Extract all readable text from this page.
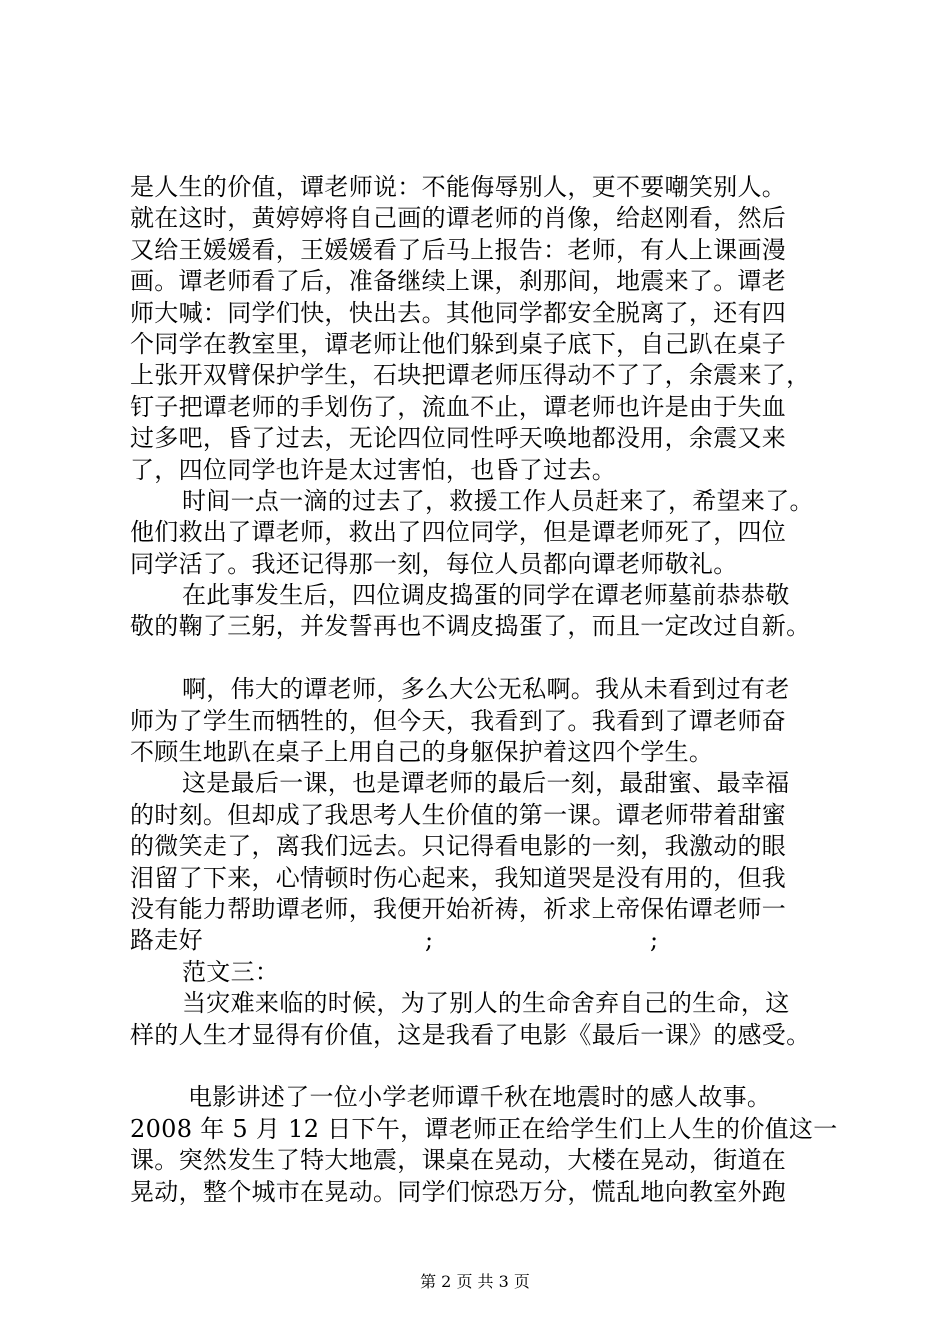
是人生的价值，谭老师说：不能侮辱别人，更不要嘲笑别人。
就在这时，黄婷婷将自己画的谭老师的肖像，给赵刚看，然后
又给王媛媛看，王媛媛看了后马上报告：老师，有人上课画漫
画。谭老师看了后，准备继续上课，刹那间，地震来了。谭老
师大喊：同学们快，快出去。其他同学都安全脱离了，还有四
个同学在教室里，谭老师让他们躲到桌子底下，自己趴在桌子
上张开双臂保护学生，石块把谭老师压得动不了了，余震来了，
钉子把谭老师的手划伤了，流血不止，谭老师也许是由于失血
过多吧，昏了过去，无论四位同性呼天唤地都没用，余震又来
了，四位同学也许是太过害怕，也昏了过去。
时间一点一滴的过去了，救援工作人员赶来了，希望来了。
他们救出了谭老师，救出了四位同学，但是谭老师死了，四位
同学活了。我还记得那一刻，每位人员都向谭老师敬礼。
在此事发生后，四位调皮捣蛋的同学在谭老师墓前恭恭敬
敬的鞠了三躬，并发誓再也不调皮捣蛋了，而且一定改过自新。
啊，伟大的谭老师，多么大公无私啊。我从未看到过有老
师为了学生而牺牲的，但今天，我看到了。我看到了谭老师奋
不顾生地趴在桌子上用自己的身躯保护着这四个学生。
这是最后一课，也是谭老师的最后一刻，最甜蜜、最幸福
的时刻。但却成了我思考人生价值的第一课。谭老师带着甜蜜
的微笑走了，离我们远去。只记得看电影的一刻，我激动的眼
泪留了下来，心情顿时伤心起来，我知道哭是没有用的，但我
没有能力帮助谭老师，我便开始祈祷，祈求上帝保佑谭老师一
路走好	;	;
范文三：
当灾难来临的时候，为了别人的生命舍弃自己的生命，这
样的人生才显得有价值，这是我看了电影《最后一课》的感受。
电影讲述了一位小学老师谭千秋在地震时的感人故事。
2008 年 5 月 12 日下午，谭老师正在给学生们上人生的价值这一
课。突然发生了特大地震，课桌在晃动，大楼在晃动，街道在
晃动，整个城市在晃动。同学们惊恐万分，慌乱地向教室外跑
第 2 页 共 3 页
